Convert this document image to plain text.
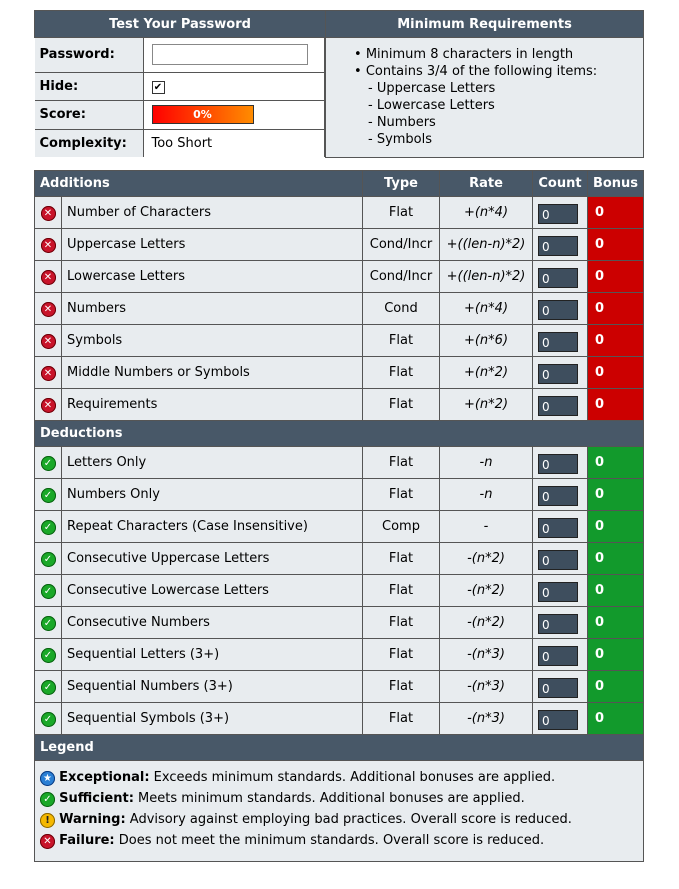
Test Your Password	Minimum Requirements

Password:	
Hide:	✔
Score:	0%

Complexity:	Too Short

• Minimum 8 characters in length
• Contains 3/4 of the following items:
- Uppercase Letters
- Lowercase Letters
- Numbers
- Symbols
Additions		Type	Rate	Count	Bonus
✕	Number of Characters	Flat	+(n*4)	0	0
✕	Uppercase Letters	Cond/Incr	+((len-n)*2)	0	0
✕	Lowercase Letters	Cond/Incr	+((len-n)*2)	0	0
✕	Numbers	Cond	+(n*4)	0	0
✕	Symbols	Flat	+(n*6)	0	0
✕	Middle Numbers or Symbols	Flat	+(n*2)	0	0
✕	Requirements	Flat	+(n*2)	0	0
Deductions					
✓	Letters Only	Flat	-n	0	0
✓	Numbers Only	Flat	-n	0	0
✓	Repeat Characters (Case Insensitive)	Comp	-	0	0
✓	Consecutive Uppercase Letters	Flat	-(n*2)	0	0
✓	Consecutive Lowercase Letters	Flat	-(n*2)	0	0
✓	Consecutive Numbers	Flat	-(n*2)	0	0
✓	Sequential Letters (3+)	Flat	-(n*3)	0	0
✓	Sequential Numbers (3+)	Flat	-(n*3)	0	0
✓	Sequential Symbols (3+)	Flat	-(n*3)	0	0
Legend					

★ Exceptional: Exceeds minimum standards. Additional bonuses are applied.
✓ Sufficient: Meets minimum standards. Additional bonuses are applied.
! Warning: Advisory against employing bad practices. Overall score is reduced.
✕ Failure: Does not meet the minimum standards. Overall score is reduced.					
